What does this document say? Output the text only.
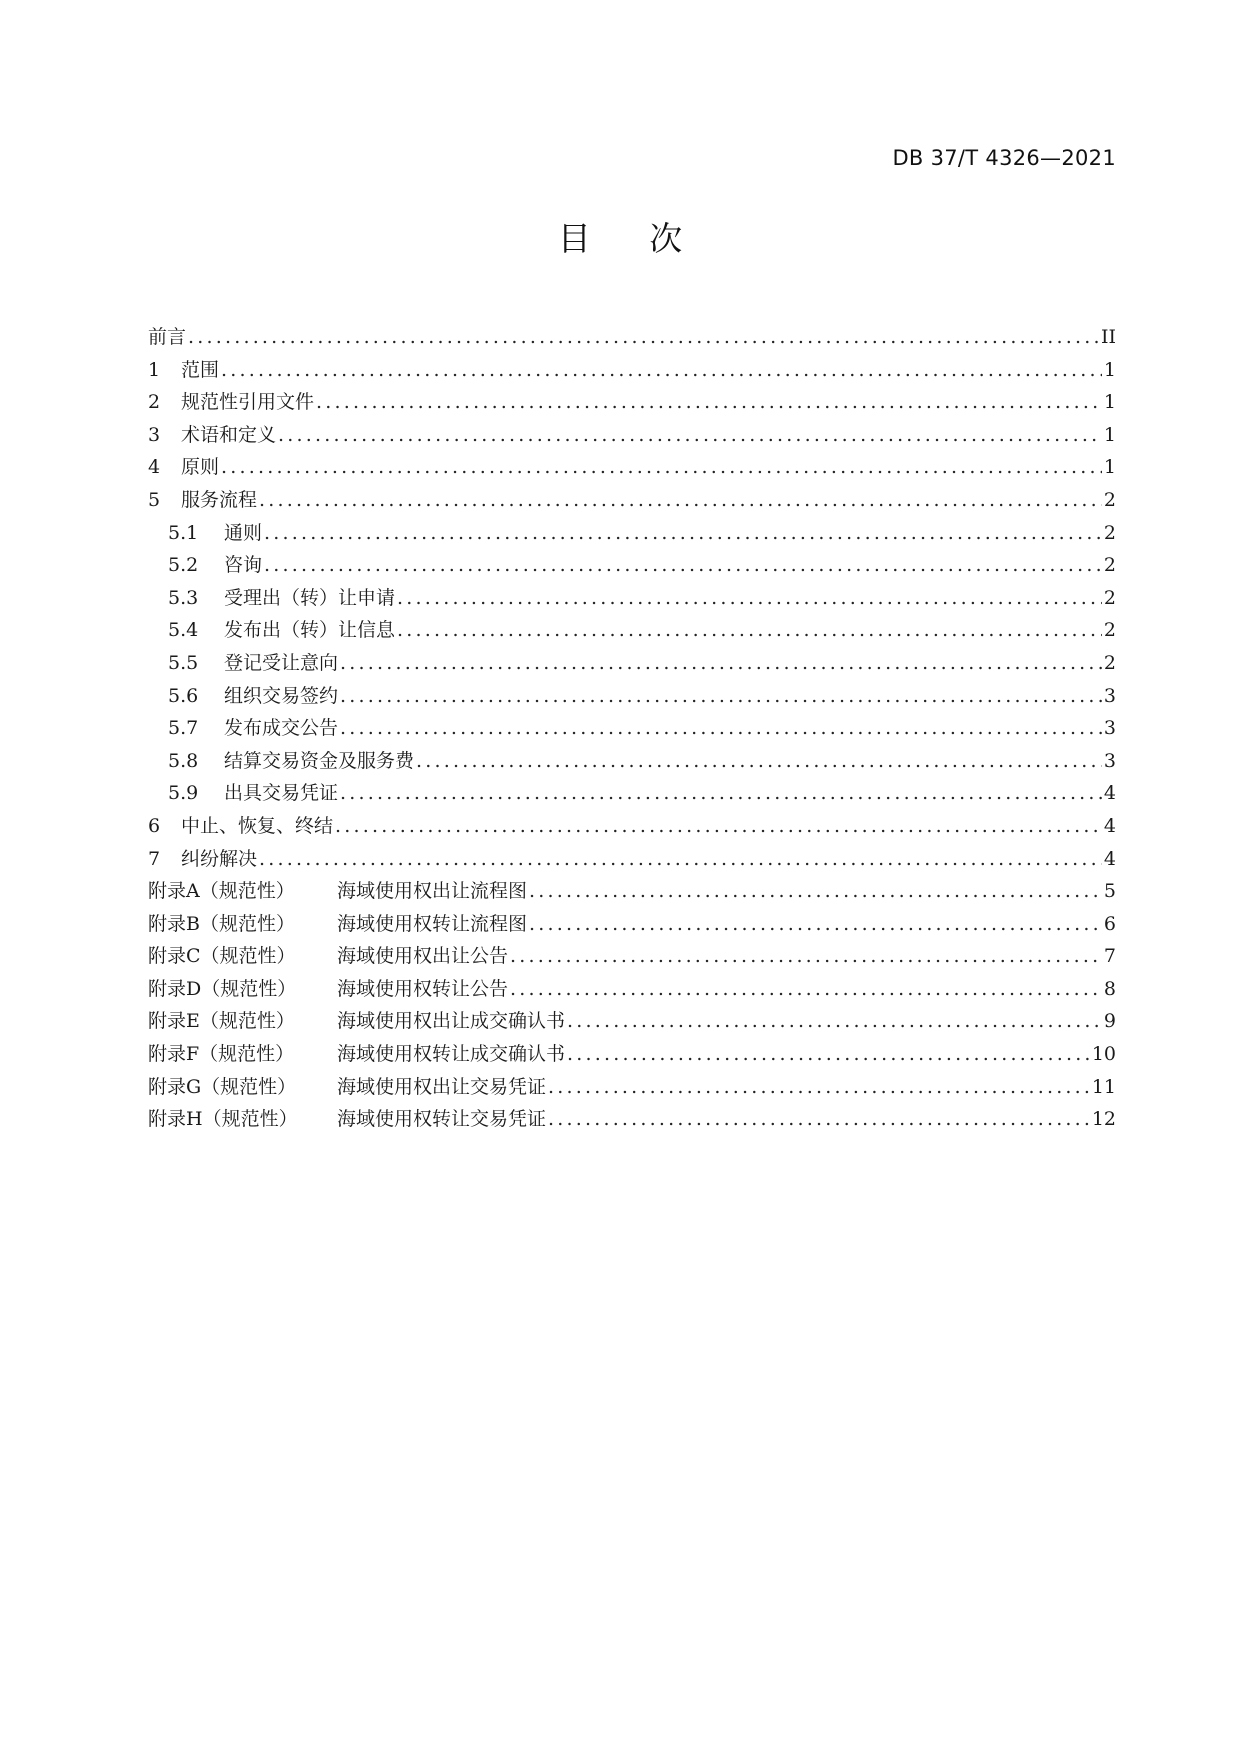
DB 37/T 4326—2021
目 次
前言 .....	II
1	范围 .....	1
2	规范性引用文件 .....	1
3	术语和定义 .....	1
4	原则 .....	1
5	服务流程 .....	2
5.1	通则 .....	2
5.2	咨询 .....	2
5.3	受理出（转）让申请 .....	2
5.4	发布出（转）让信息 .....	2
5.5	登记受让意向 .....	2
5.6	组织交易签约 .....	3
5.7	发布成交公告 .....	3
5.8	结算交易资金及服务费 .....	3
5.9	出具交易凭证 .....	4
6	中止、恢复、终结 .....	4
7	纠纷解决 .....	4
附录A（规范性）	海域使用权出让流程图 .....	5
附录B（规范性）	海域使用权转让流程图 .....	6
附录C（规范性）	海域使用权出让公告 .....	7
附录D（规范性）	海域使用权转让公告 .....	8
附录E（规范性）	海域使用权出让成交确认书 .....	9
附录F（规范性）	海域使用权转让成交确认书 .....	10
附录G（规范性）	海域使用权出让交易凭证 .....	11
附录H（规范性）	海域使用权转让交易凭证 .....	12
